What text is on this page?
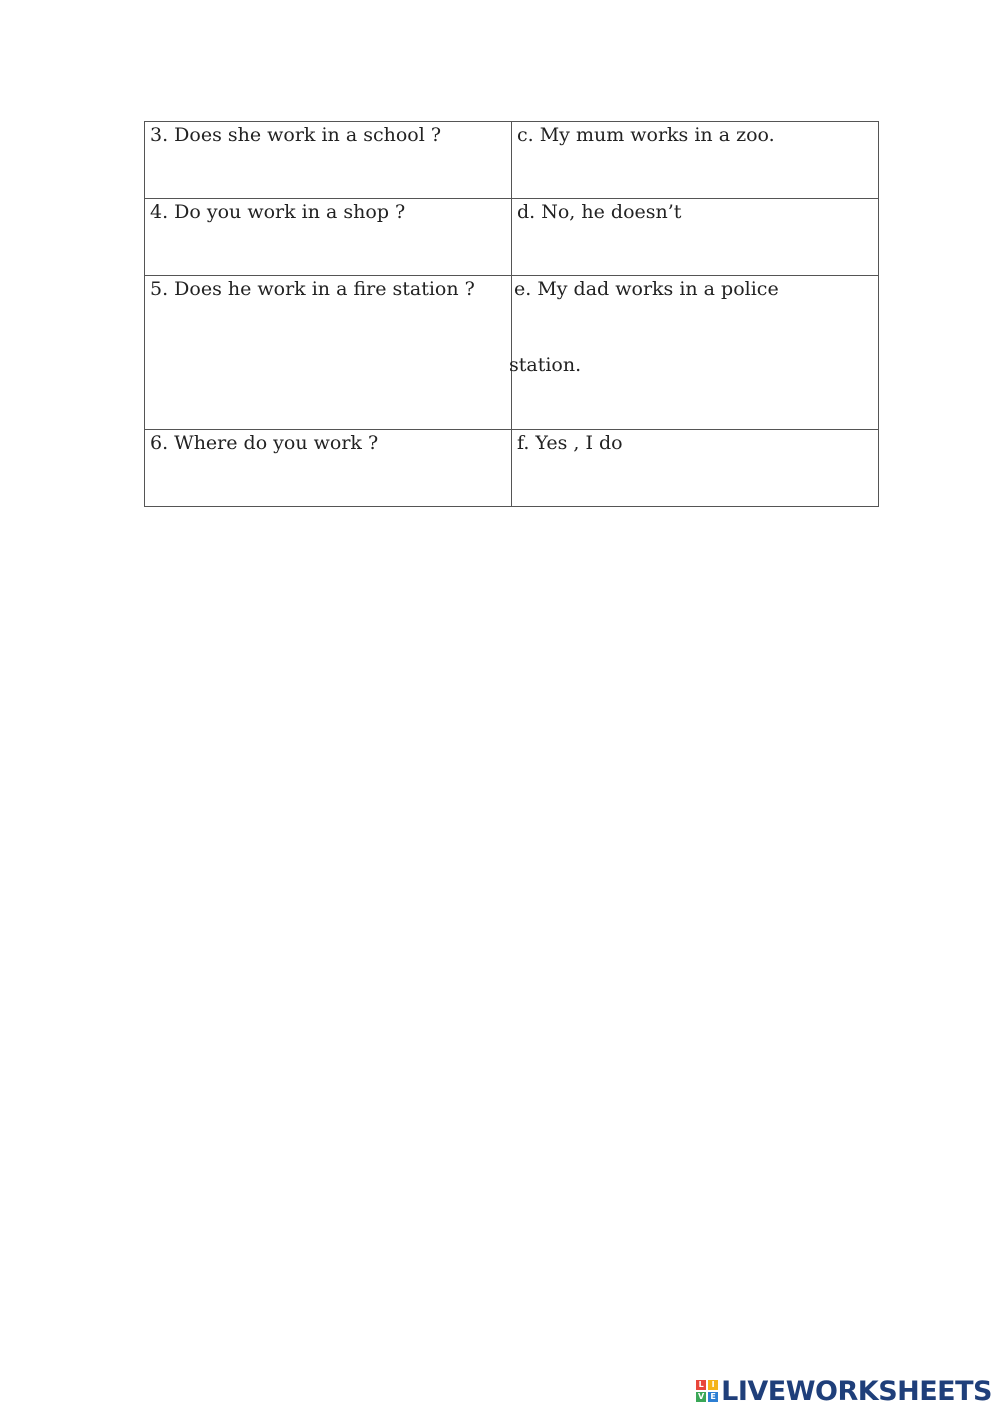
3. Does she work in a school ?	c. My mum works in a zoo.

4. Do you work in a shop ?	d. No, he doesn’t

5. Does he work in a fire station ?	e. My dad works in a police
station.

6. Where do you work ?	f. Yes , I do
L I
V E LIVEWORKSHEETS
